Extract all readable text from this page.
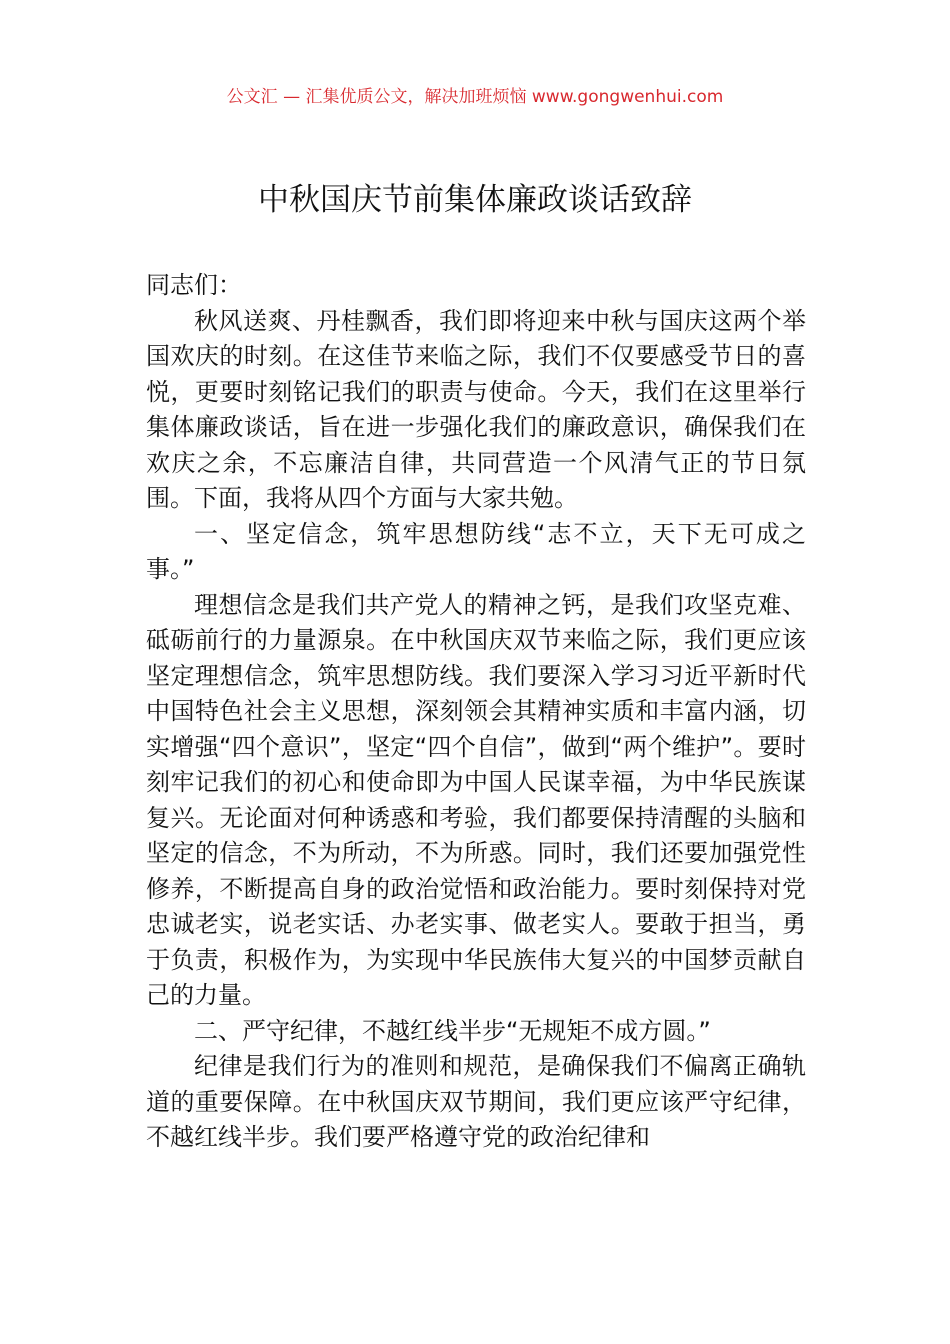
公文汇 — 汇集优质公文，解决加班烦恼 www.gongwenhui.com
中秋国庆节前集体廉政谈话致辞

同志们：

秋风送爽、丹桂飘香，我们即将迎来中秋与国庆这两个举国欢庆的时刻。在这佳节来临之际，我们不仅要感受节日的喜悦，更要时刻铭记我们的职责与使命。今天，我们在这里举行集体廉政谈话，旨在进一步强化我们的廉政意识，确保我们在欢庆之余，不忘廉洁自律，共同营造一个风清气正的节日氛围。下面，我将从四个方面与大家共勉。

一、坚定信念，筑牢思想防线“志不立，天下无可成之事。”

理想信念是我们共产党人的精神之钙，是我们攻坚克难、砥砺前行的力量源泉。在中秋国庆双节来临之际，我们更应该坚定理想信念，筑牢思想防线。我们要深入学习习近平新时代中国特色社会主义思想，深刻领会其精神实质和丰富内涵，切实增强“四个意识”，坚定“四个自信”，做到“两个维护”。要时刻牢记我们的初心和使命即为中国人民谋幸福，为中华民族谋复兴。无论面对何种诱惑和考验，我们都要保持清醒的头脑和坚定的信念，不为所动，不为所惑。同时，我们还要加强党性修养，不断提高自身的政治觉悟和政治能力。要时刻保持对党忠诚老实，说老实话、办老实事、做老实人。要敢于担当，勇于负责，积极作为，为实现中华民族伟大复兴的中国梦贡献自己的力量。

二、严守纪律，不越红线半步“无规矩不成方圆。”

纪律是我们行为的准则和规范，是确保我们不偏离正确轨道的重要保障。在中秋国庆双节期间，我们更应该严守纪律，不越红线半步。我们要严格遵守党的政治纪律和
